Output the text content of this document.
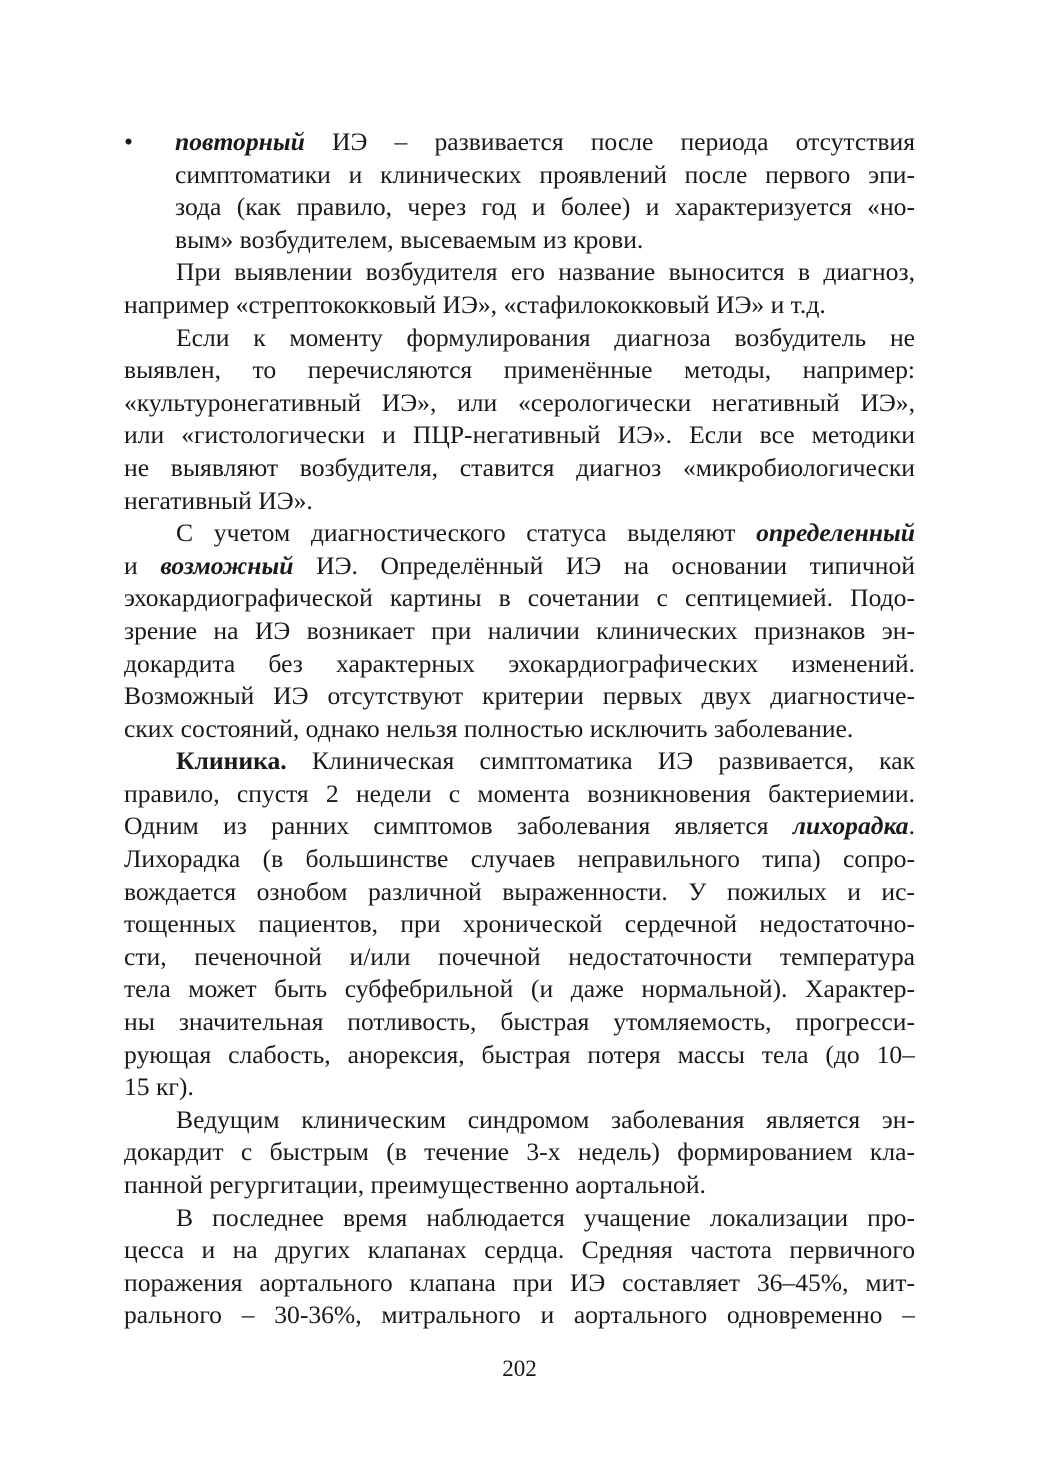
• повторный ИЭ – развивается после периода отсутствия
симптоматики и клинических проявлений после первого эпи-
зода (как правило, через год и более) и характеризуется «но-
вым» возбудителем, высеваемым из крови.
При выявлении возбудителя его название выносится в диагноз,
например «стрептококковый ИЭ», «стафилококковый ИЭ» и т.д.
Если к моменту формулирования диагноза возбудитель не
выявлен, то перечисляются применённые методы, например:
«культуронегативный ИЭ», или «серологически негативный ИЭ»,
или «гистологически и ПЦР-негативный ИЭ». Если все методики
не выявляют возбудителя, ставится диагноз «микробиологически
негативный ИЭ».
С учетом диагностического статуса выделяют определенный
и возможный ИЭ. Определённый ИЭ на основании типичной
эхокардиографической картины в сочетании с септицемией. Подо-
зрение на ИЭ возникает при наличии клинических признаков эн-
докардита без характерных эхокардиографических изменений.
Возможный ИЭ отсутствуют критерии первых двух диагностиче-
ских состояний, однако нельзя полностью исключить заболевание.
Клиника. Клиническая симптоматика ИЭ развивается, как
правило, спустя 2 недели с момента возникновения бактериемии.
Одним из ранних симптомов заболевания является лихорадка.
Лихорадка (в большинстве случаев неправильного типа) сопро-
вождается ознобом различной выраженности. У пожилых и ис-
тощенных пациентов, при хронической сердечной недостаточно-
сти, печеночной и/или почечной недостаточности температура
тела может быть субфебрильной (и даже нормальной). Характер-
ны значительная потливость, быстрая утомляемость, прогресси-
рующая слабость, анорексия, быстрая потеря массы тела (до 10–
15 кг).
Ведущим клиническим синдромом заболевания является эн-
докардит с быстрым (в течение 3-х недель) формированием кла-
панной регургитации, преимущественно аортальной.
В последнее время наблюдается учащение локализации про-
цесса и на других клапанах сердца. Средняя частота первичного
поражения аортального клапана при ИЭ составляет 36–45%, мит-
рального – 30-36%, митрального и аортального одновременно –
202
